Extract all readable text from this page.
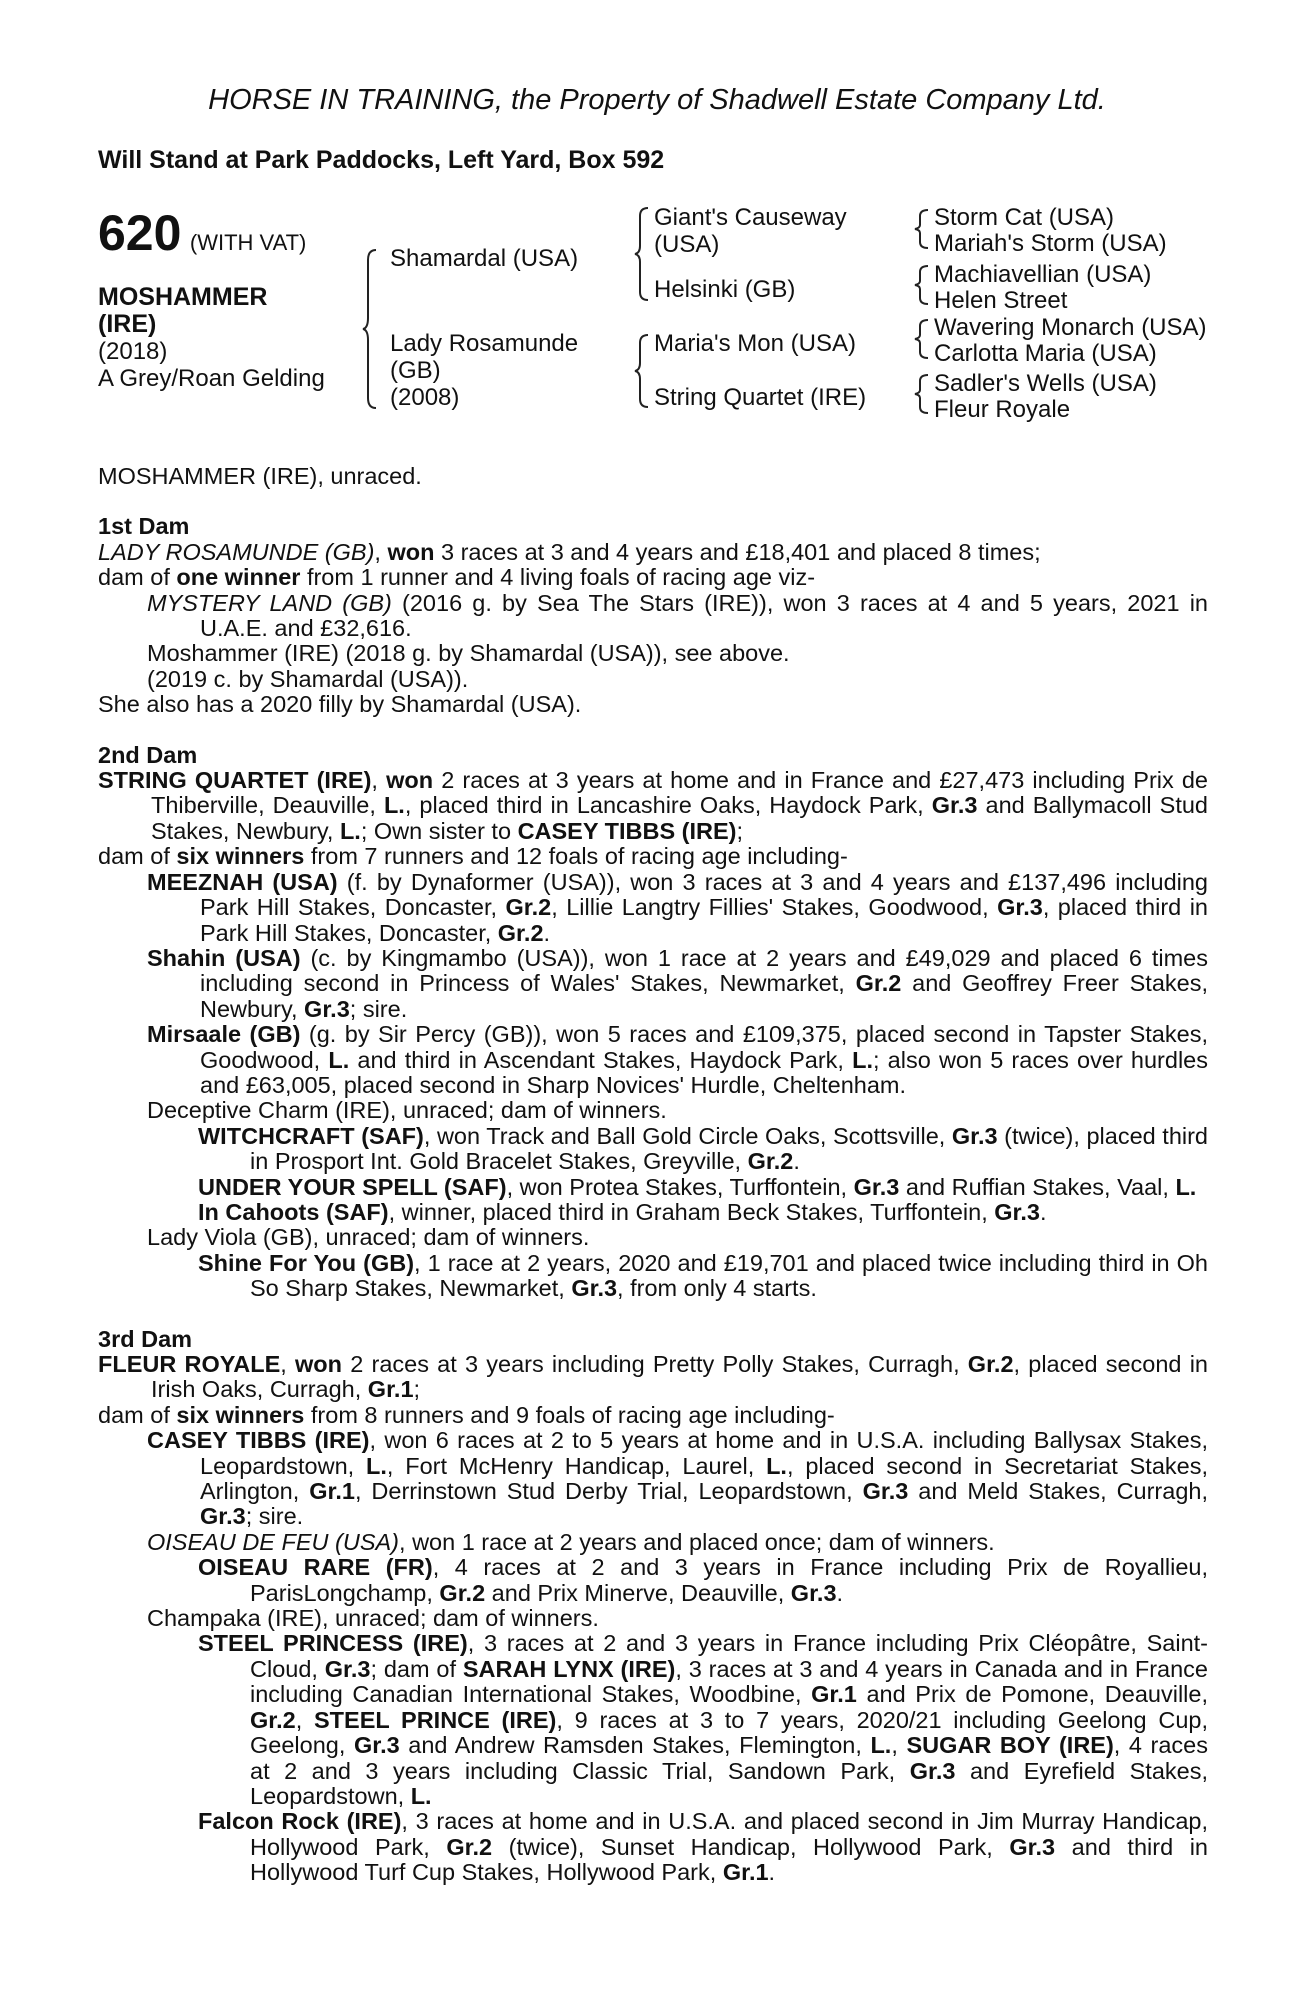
HORSE IN TRAINING, the Property of Shadwell Estate Company Ltd.
Will Stand at Park Paddocks, Left Yard, Box 592
620 (WITH VAT)
MOSHAMMER
(IRE)
(2018)
A Grey/Roan Gelding
Shamardal (USA)
Lady Rosamunde
(GB)
(2008)
Giant's Causeway
(USA)
Helsinki (GB)
Maria's Mon (USA)
String Quartet (IRE)
Storm Cat (USA)
Mariah's Storm (USA)
Machiavellian (USA)
Helen Street
Wavering Monarch (USA)
Carlotta Maria (USA)
Sadler's Wells (USA)
Fleur Royale

MOSHAMMER (IRE), unraced.

1st Dam

LADY ROSAMUNDE (GB), won 3 races at 3 and 4 years and £18,401 and placed 8 times;

dam of one winner from 1 runner and 4 living foals of racing age viz-

MYSTERY LAND (GB) (2016 g. by Sea The Stars (IRE)), won 3 races at 4 and 5 years, 2021 in U.A.E. and £32,616.

Moshammer (IRE) (2018 g. by Shamardal (USA)), see above.

(2019 c. by Shamardal (USA)).

She also has a 2020 filly by Shamardal (USA).

2nd Dam

STRING QUARTET (IRE), won 2 races at 3 years at home and in France and £27,473 including Prix de Thiberville, Deauville, L., placed third in Lancashire Oaks, Haydock Park, Gr.3 and Ballymacoll Stud Stakes, Newbury, L.; Own sister to CASEY TIBBS (IRE);

dam of six winners from 7 runners and 12 foals of racing age including-

MEEZNAH (USA) (f. by Dynaformer (USA)), won 3 races at 3 and 4 years and £137,496 including Park Hill Stakes, Doncaster, Gr.2, Lillie Langtry Fillies' Stakes, Goodwood, Gr.3, placed third in Park Hill Stakes, Doncaster, Gr.2.

Shahin (USA) (c. by Kingmambo (USA)), won 1 race at 2 years and £49,029 and placed 6 times including second in Princess of Wales' Stakes, Newmarket, Gr.2 and Geoffrey Freer Stakes, Newbury, Gr.3; sire.

Mirsaale (GB) (g. by Sir Percy (GB)), won 5 races and £109,375, placed second in Tapster Stakes, Goodwood, L. and third in Ascendant Stakes, Haydock Park, L.; also won 5 races over hurdles and £63,005, placed second in Sharp Novices' Hurdle, Cheltenham.

Deceptive Charm (IRE), unraced; dam of winners.

WITCHCRAFT (SAF), won Track and Ball Gold Circle Oaks, Scottsville, Gr.3 (twice), placed third in Prosport Int. Gold Bracelet Stakes, Greyville, Gr.2.

UNDER YOUR SPELL (SAF), won Protea Stakes, Turffontein, Gr.3 and Ruffian Stakes, Vaal, L.

In Cahoots (SAF), winner, placed third in Graham Beck Stakes, Turffontein, Gr.3.

Lady Viola (GB), unraced; dam of winners.

Shine For You (GB), 1 race at 2 years, 2020 and £19,701 and placed twice including third in Oh So Sharp Stakes, Newmarket, Gr.3, from only 4 starts.

3rd Dam

FLEUR ROYALE, won 2 races at 3 years including Pretty Polly Stakes, Curragh, Gr.2, placed second in Irish Oaks, Curragh, Gr.1;

dam of six winners from 8 runners and 9 foals of racing age including-

CASEY TIBBS (IRE), won 6 races at 2 to 5 years at home and in U.S.A. including Ballysax Stakes, Leopardstown, L., Fort McHenry Handicap, Laurel, L., placed second in Secretariat Stakes, Arlington, Gr.1, Derrinstown Stud Derby Trial, Leopardstown, Gr.3 and Meld Stakes, Curragh, Gr.3; sire.

OISEAU DE FEU (USA), won 1 race at 2 years and placed once; dam of winners.

OISEAU RARE (FR), 4 races at 2 and 3 years in France including Prix de Royallieu, ParisLongchamp, Gr.2 and Prix Minerve, Deauville, Gr.3.

Champaka (IRE), unraced; dam of winners.

STEEL PRINCESS (IRE), 3 races at 2 and 3 years in France including Prix Cléopâtre, Saint-Cloud, Gr.3; dam of SARAH LYNX (IRE), 3 races at 3 and 4 years in Canada and in France including Canadian International Stakes, Woodbine, Gr.1 and Prix de Pomone, Deauville, Gr.2, STEEL PRINCE (IRE), 9 races at 3 to 7 years, 2020/21 including Geelong Cup, Geelong, Gr.3 and Andrew Ramsden Stakes, Flemington, L., SUGAR BOY (IRE), 4 races at 2 and 3 years including Classic Trial, Sandown Park, Gr.3 and Eyrefield Stakes, Leopardstown, L.

Falcon Rock (IRE), 3 races at home and in U.S.A. and placed second in Jim Murray Handicap, Hollywood Park, Gr.2 (twice), Sunset Handicap, Hollywood Park, Gr.3 and third in Hollywood Turf Cup Stakes, Hollywood Park, Gr.1.
